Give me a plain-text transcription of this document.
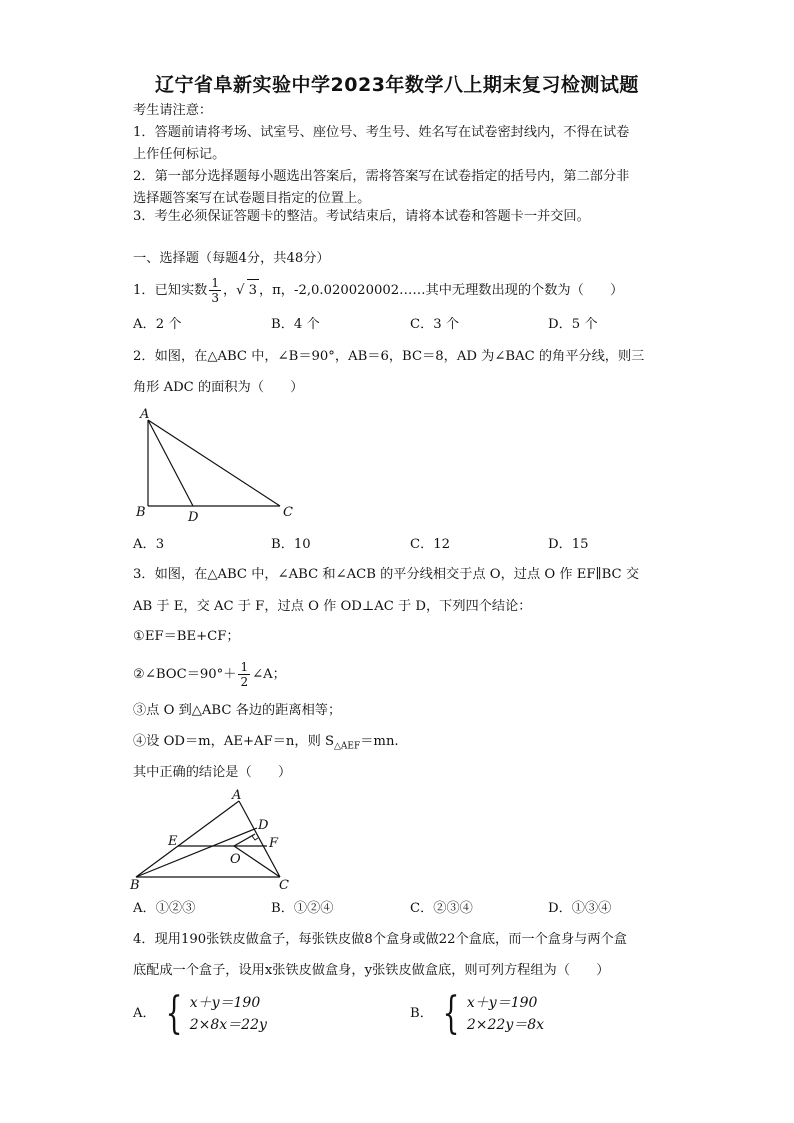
辽宁省阜新实验中学2023年数学八上期末复习检测试题
考生请注意：
1．答题前请将考场、试室号、座位号、考生号、姓名写在试卷密封线内，不得在试卷
上作任何标记。
2．第一部分选择题每小题选出答案后，需将答案写在试卷指定的括号内，第二部分非
选择题答案写在试卷题目指定的位置上。
3．考生必须保证答题卡的整洁。考试结束后，请将本试卷和答题卡一并交回。
一、选择题（每题4分，共48分）
1．已知实数 $\frac{1}{3}$ ，√ 3 ，π，-2,0.020020002……其中无理数出现的个数为（　　）
A．2 个	B．4 个	C．3 个	D．5 个
2．如图，在△ABC 中，∠B＝90°，AB＝6，BC＝8，AD 为∠BAC 的角平分线，则三
角形 ADC 的面积为（　　）
A
B	D	C
A．3	B．10	C．12	D．15
3．如图，在△ABC 中，∠ABC 和∠ACB 的平分线相交于点 O，过点 O 作 EF∥BC 交
AB 于 E，交 AC 于 F，过点 O 作 OD⊥AC 于 D，下列四个结论：
①EF＝BE+CF；
②∠BOC＝90°＋ $\frac{1}{2}$ ∠A；
③点 O 到△ABC 各边的距离相等；
④设 OD＝m，AE+AF＝n，则 $S_{\triangle AEF}=mn$.
其中正确的结论是（　　）
A
B	C
D
E	F
O
A．①②③	B．①②④	C．②③④	D．①③④
4．现用190张铁皮做盒子，每张铁皮做8个盒身或做22个盒底，而一个盒身与两个盒
底配成一个盒子，设用x张铁皮做盒身，y张铁皮做盒底，则可列方程组为（　　）
A． { x＋y＝190
2×8x＝22y
B． { x＋y＝190
2×22y＝8x
